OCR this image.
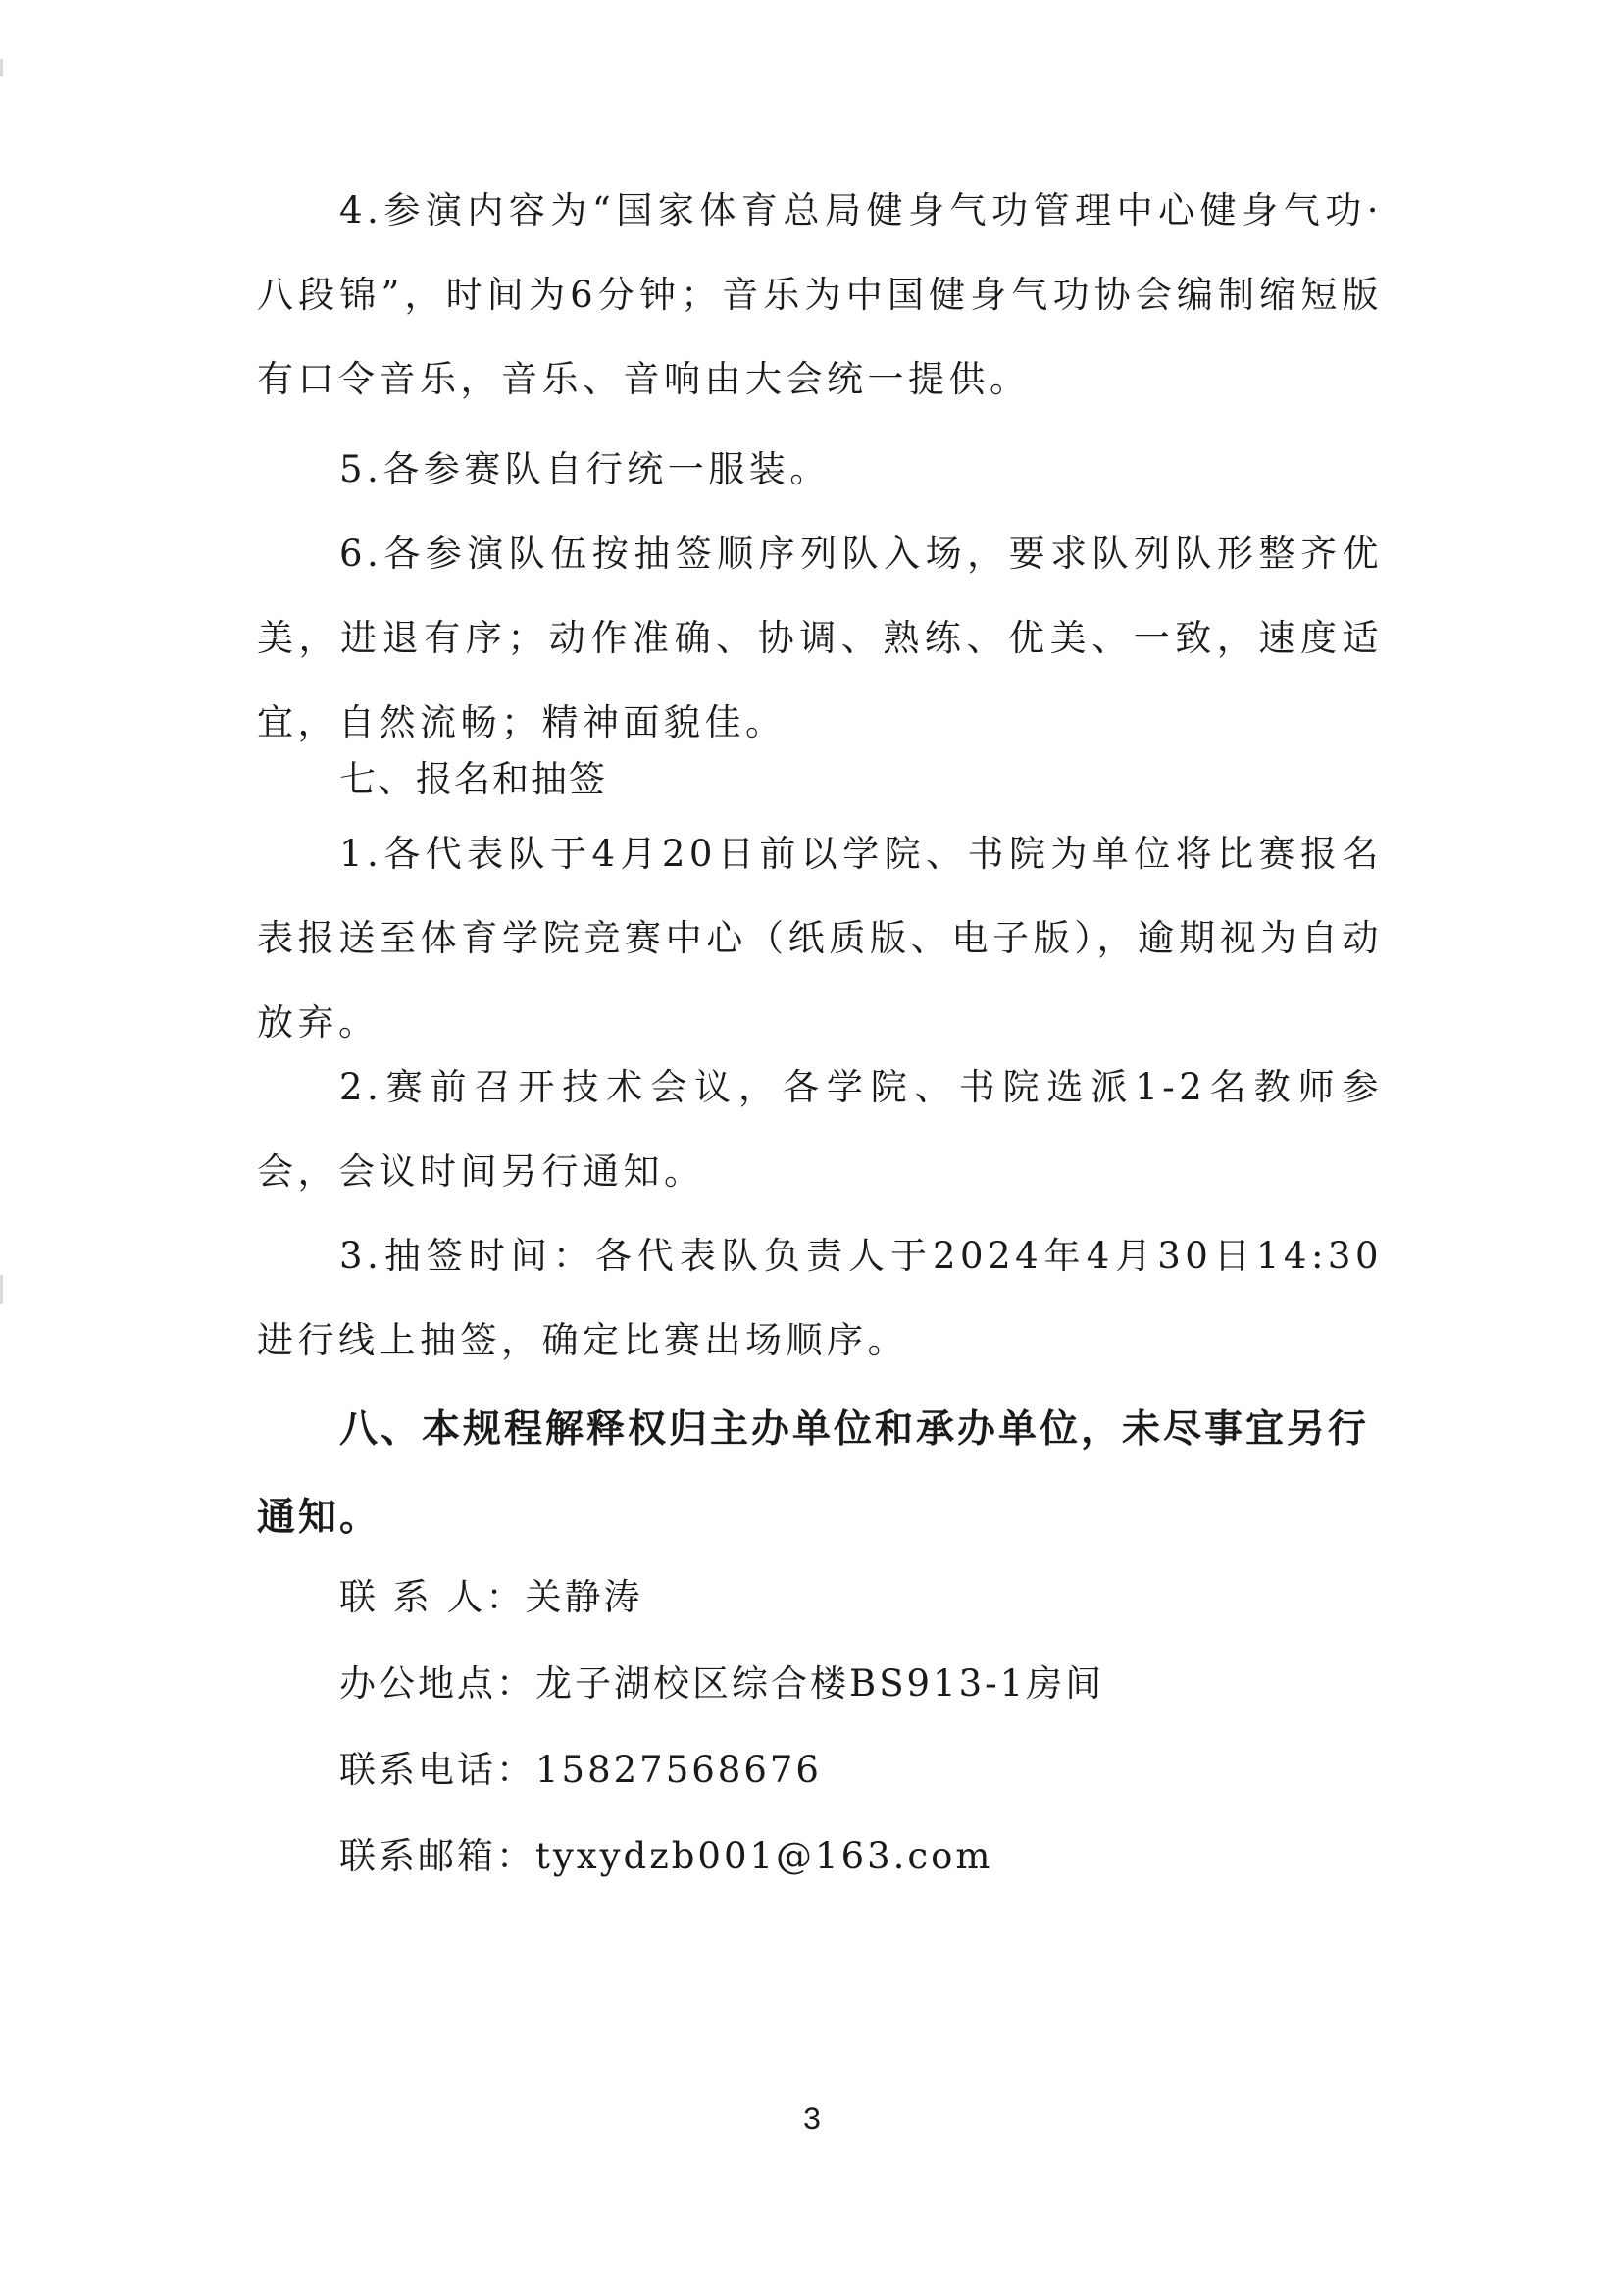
4.参演内容为“国家体育总局健身气功管理中心健身气功·八段锦”，时间为6分钟；音乐为中国健身气功协会编制缩短版有口令音乐，音乐、音响由大会统一提供。

5.各参赛队自行统一服装。

6.各参演队伍按抽签顺序列队入场，要求队列队形整齐优美，进退有序；动作准确、协调、熟练、优美、一致，速度适宜，自然流畅；精神面貌佳。

七、报名和抽签

1.各代表队于4月20日前以学院、书院为单位将比赛报名表报送至体育学院竞赛中心（纸质版、电子版），逾期视为自动放弃。

2.赛前召开技术会议，各学院、书院选派1-2名教师参会，会议时间另行通知。

3.抽签时间：各代表队负责人于2024年4月30日14:30进行线上抽签，确定比赛出场顺序。

八、本规程解释权归主办单位和承办单位，未尽事宜另行通知。

联 系 人：关静涛

办公地点：龙子湖校区综合楼BS913-1房间

联系电话：15827568676

联系邮箱：tyxydzb001@163.com

3
